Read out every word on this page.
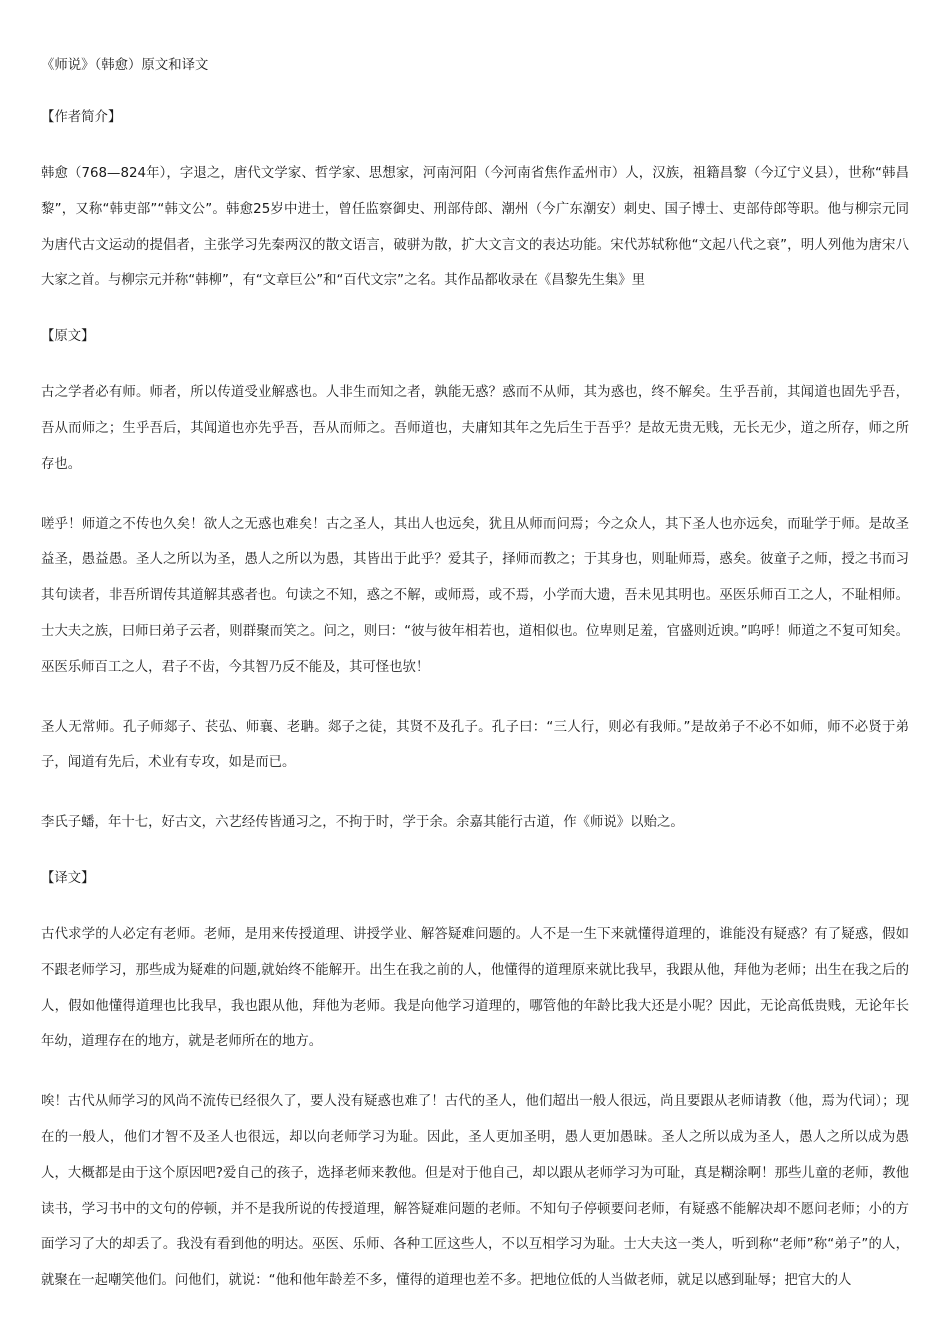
《师说》（韩愈）原文和译文

【作者简介】

韩愈（768—824年），字退之，唐代文学家、哲学家、思想家，河南河阳（今河南省焦作孟州市）人，汉族，祖籍昌黎（今辽宁义县），世称“韩昌黎”，又称“韩吏部”“韩文公”。韩愈25岁中进士，曾任监察御史、刑部侍郎、潮州（今广东潮安）刺史、国子博士、吏部侍郎等职。他与柳宗元同为唐代古文运动的提倡者，主张学习先秦两汉的散文语言，破骈为散，扩大文言文的表达功能。宋代苏轼称他“文起八代之衰”，明人列他为唐宋八大家之首。与柳宗元并称“韩柳”，有“文章巨公”和“百代文宗”之名。其作品都收录在《昌黎先生集》里

【原文】

古之学者必有师。师者，所以传道受业解惑也。人非生而知之者，孰能无惑？惑而不从师，其为惑也，终不解矣。生乎吾前，其闻道也固先乎吾，吾从而师之；生乎吾后，其闻道也亦先乎吾，吾从而师之。吾师道也，夫庸知其年之先后生于吾乎？是故无贵无贱，无长无少，道之所存，师之所存也。

嗟乎！师道之不传也久矣！欲人之无惑也难矣！古之圣人，其出人也远矣，犹且从师而问焉；今之众人，其下圣人也亦远矣，而耻学于师。是故圣益圣，愚益愚。圣人之所以为圣，愚人之所以为愚，其皆出于此乎？爱其子，择师而教之；于其身也，则耻师焉，惑矣。彼童子之师，授之书而习其句读者，非吾所谓传其道解其惑者也。句读之不知，惑之不解，或师焉，或不焉，小学而大遗，吾未见其明也。巫医乐师百工之人，不耻相师。士大夫之族，曰师曰弟子云者，则群聚而笑之。问之，则曰：“彼与彼年相若也，道相似也。位卑则足羞，官盛则近谀。”呜呼！师道之不复可知矣。巫医乐师百工之人，君子不齿，今其智乃反不能及，其可怪也欤！

圣人无常师。孔子师郯子、苌弘、师襄、老聃。郯子之徒，其贤不及孔子。孔子曰：“三人行，则必有我师。”是故弟子不必不如师，师不必贤于弟子，闻道有先后，术业有专攻，如是而已。

李氏子蟠，年十七，好古文，六艺经传皆通习之，不拘于时，学于余。余嘉其能行古道，作《师说》以贻之。

【译文】

古代求学的人必定有老师。老师，是用来传授道理、讲授学业、解答疑难问题的。人不是一生下来就懂得道理的，谁能没有疑惑？有了疑惑，假如不跟老师学习，那些成为疑难的问题,就始终不能解开。出生在我之前的人，他懂得的道理原来就比我早，我跟从他，拜他为老师；出生在我之后的人，假如他懂得道理也比我早，我也跟从他，拜他为老师。我是向他学习道理的，哪管他的年龄比我大还是小呢？因此，无论高低贵贱，无论年长年幼，道理存在的地方，就是老师所在的地方。

唉！古代从师学习的风尚不流传已经很久了，要人没有疑惑也难了！古代的圣人，他们超出一般人很远，尚且要跟从老师请教（他，焉为代词）；现在的一般人，他们才智不及圣人也很远，却以向老师学习为耻。因此，圣人更加圣明，愚人更加愚昧。圣人之所以成为圣人，愚人之所以成为愚人，大概都是由于这个原因吧?爱自己的孩子，选择老师来教他。但是对于他自己，却以跟从老师学习为可耻，真是糊涂啊！那些儿童的老师，教他读书，学习书中的文句的停顿，并不是我所说的传授道理，解答疑难问题的老师。不知句子停顿要问老师，有疑惑不能解决却不愿问老师；小的方面学习了大的却丢了。我没有看到他的明达。巫医、乐师、各种工匠这些人，不以互相学习为耻。士大夫这一类人，听到称“老师”称“弟子”的人，就聚在一起嘲笑他们。问他们，就说：“他和他年龄差不多，懂得的道理也差不多。把地位低的人当做老师，就足以感到耻辱；把官大的人
